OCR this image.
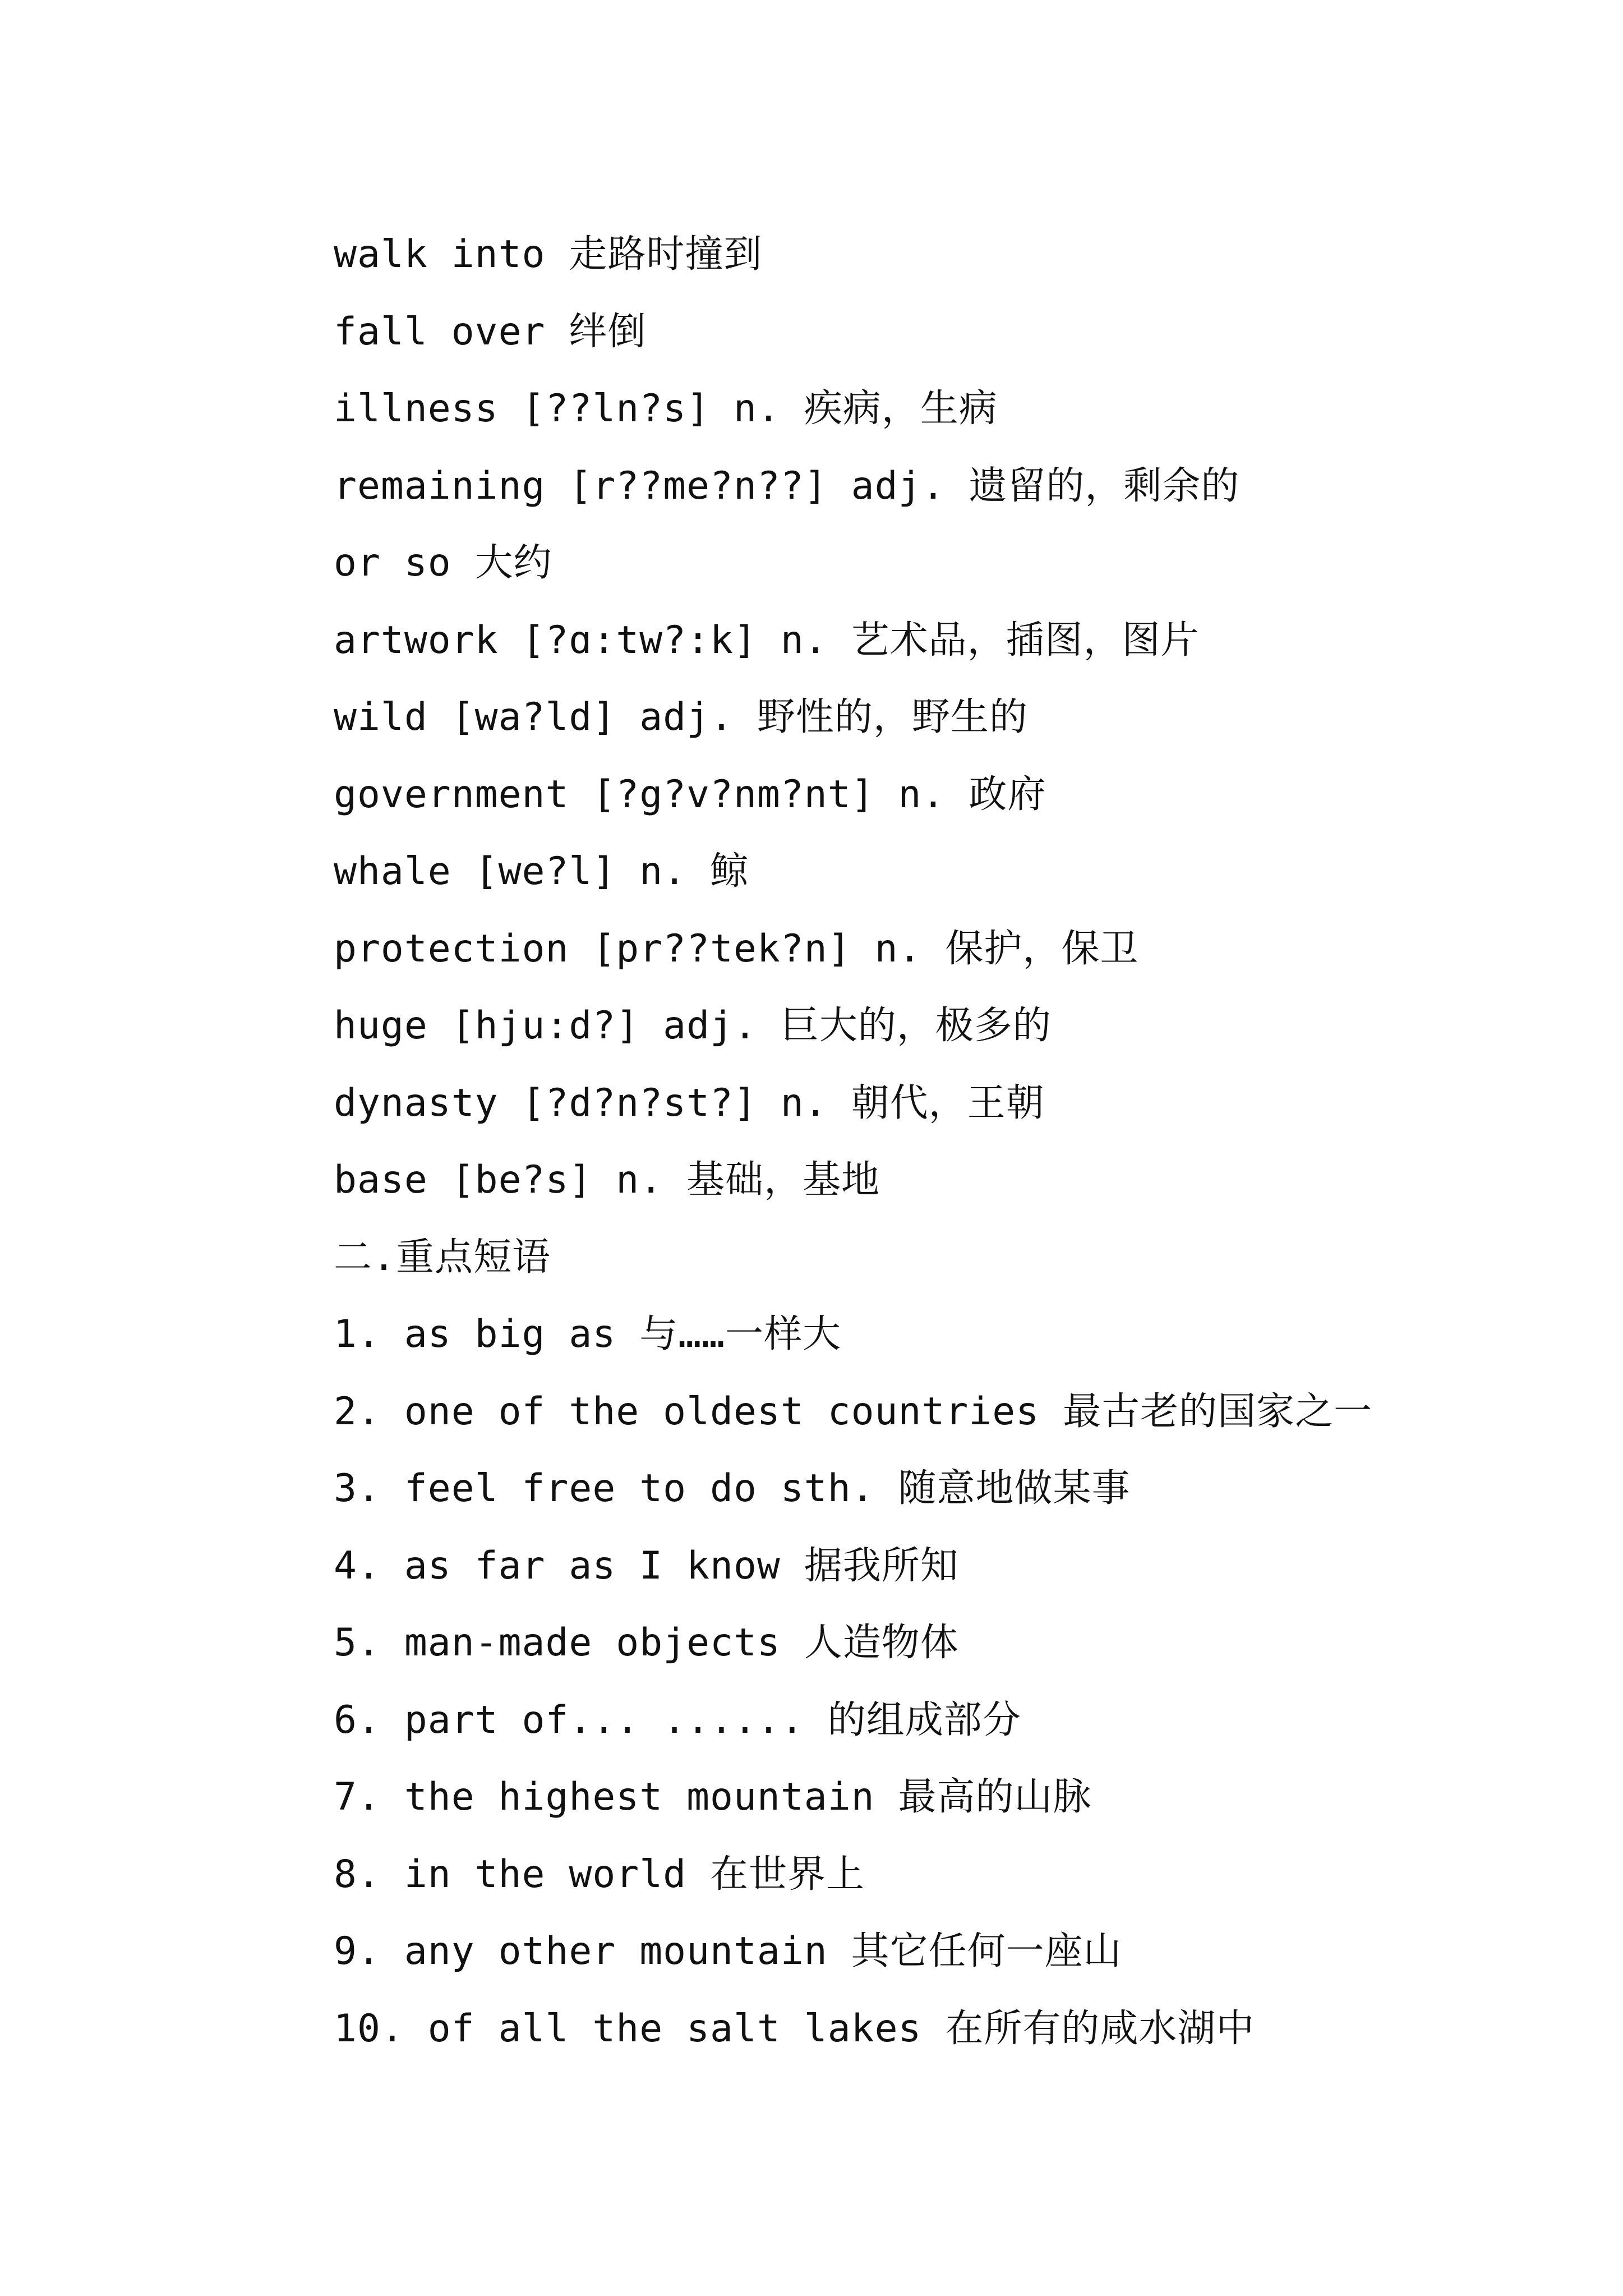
walk into 走路时撞到
fall over 绊倒
illness [??ln?s] n. 疾病，生病
remaining [r??me?n??] adj. 遗留的，剩余的
or so 大约
artwork [?ɑ:tw?:k] n. 艺术品，插图，图片
wild [wa?ld] adj. 野性的，野生的
government [?g?v?nm?nt] n. 政府
whale [we?l] n. 鲸
protection [pr??tek?n] n. 保护，保卫
huge [hju:d?] adj. 巨大的，极多的
dynasty [?d?n?st?] n. 朝代，王朝
base [be?s] n. 基础，基地
二.重点短语
1. as big as 与……一样大
2. one of the oldest countries 最古老的国家之一
3. feel free to do sth. 随意地做某事
4. as far as I know 据我所知
5. man-made objects 人造物体
6. part of... ...... 的组成部分
7. the highest mountain 最高的山脉
8. in the world 在世界上
9. any other mountain 其它任何一座山
10. of all the salt lakes 在所有的咸水湖中
